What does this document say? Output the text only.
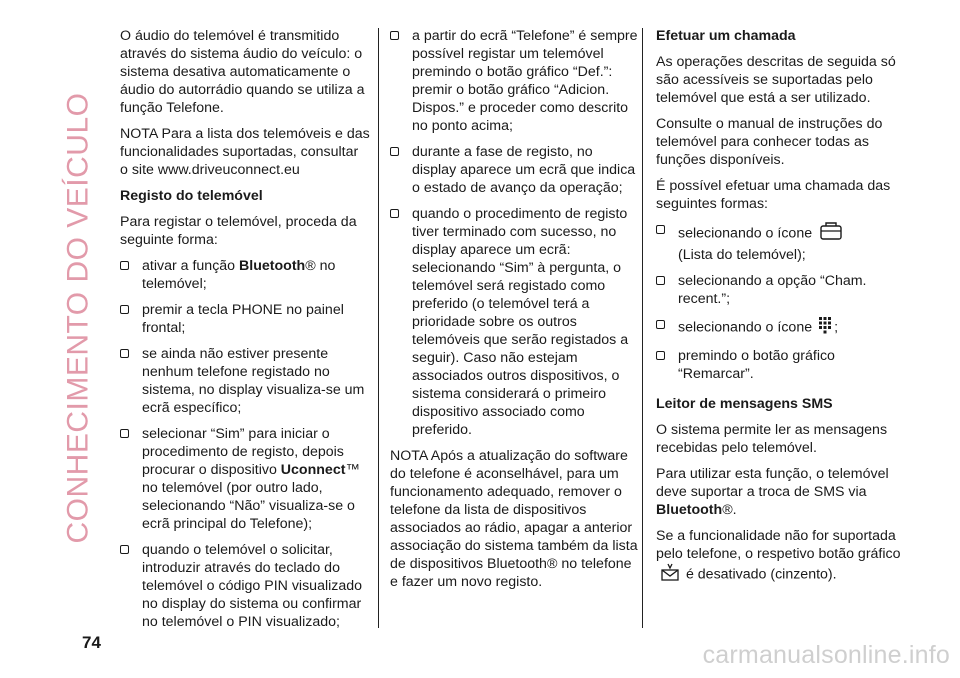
CONHECIMENTO DO VEÍCULO

O áudio do telemóvel é transmitido através do sistema áudio do veículo: o sistema desativa automaticamente o áudio do autorrádio quando se utiliza a função Telefone.

NOTA Para a lista dos telemóveis e das funcionalidades suportadas, consultar o site www.driveuconnect.eu

Registo do telemóvel

Para registar o telemóvel, proceda da seguinte forma:

ativar a função Bluetooth® no telemóvel;
premir a tecla PHONE no painel frontal;
se ainda não estiver presente nenhum telefone registado no sistema, no display visualiza-se um ecrã específico;
selecionar “Sim” para iniciar o procedimento de registo, depois procurar o dispositivo Uconnect™ no telemóvel (por outro lado, selecionando “Não” visualiza-se o ecrã principal do Telefone);
quando o telemóvel o solicitar, introduzir através do teclado do telemóvel o código PIN visualizado no display do sistema ou confirmar no telemóvel o PIN visualizado;
a partir do ecrã “Telefone” é sempre possível registar um telemóvel premindo o botão gráfico “Def.”: premir o botão gráfico “Adicion. Dispos.” e proceder como descrito no ponto acima;
durante a fase de registo, no display aparece um ecrã que indica o estado de avanço da operação;
quando o procedimento de registo tiver terminado com sucesso, no display aparece um ecrã: selecionando “Sim” à pergunta, o telemóvel será registado como preferido (o telemóvel terá a prioridade sobre os outros telemóveis que serão registados a seguir). Caso não estejam associados outros dispositivos, o sistema considerará o primeiro dispositivo associado como preferido.

NOTA Após a atualização do software do telefone é aconselhável, para um funcionamento adequado, remover o telefone da lista de dispositivos associados ao rádio, apagar a anterior associação do sistema também da lista de dispositivos Bluetooth® no telefone e fazer um novo registo.

Efetuar um chamada

As operações descritas de seguida só são acessíveis se suportadas pelo telemóvel que está a ser utilizado.

Consulte o manual de instruções do telemóvel para conhecer todas as funções disponíveis.

É possível efetuar uma chamada das seguintes formas:

selecionando o ícone
(Lista do telemóvel);
selecionando a opção “Cham. recent.”;
selecionando o ícone ;
premindo o botão gráfico “Remarcar”.
Leitor de mensagens SMS

O sistema permite ler as mensagens recebidas pelo telemóvel.

Para utilizar esta função, o telemóvel deve suportar a troca de SMS via Bluetooth®.

Se a funcionalidade não for suportada pelo telefone, o respetivo botão gráfico
é desativado (cinzento).

74	carmanualsonline.info
